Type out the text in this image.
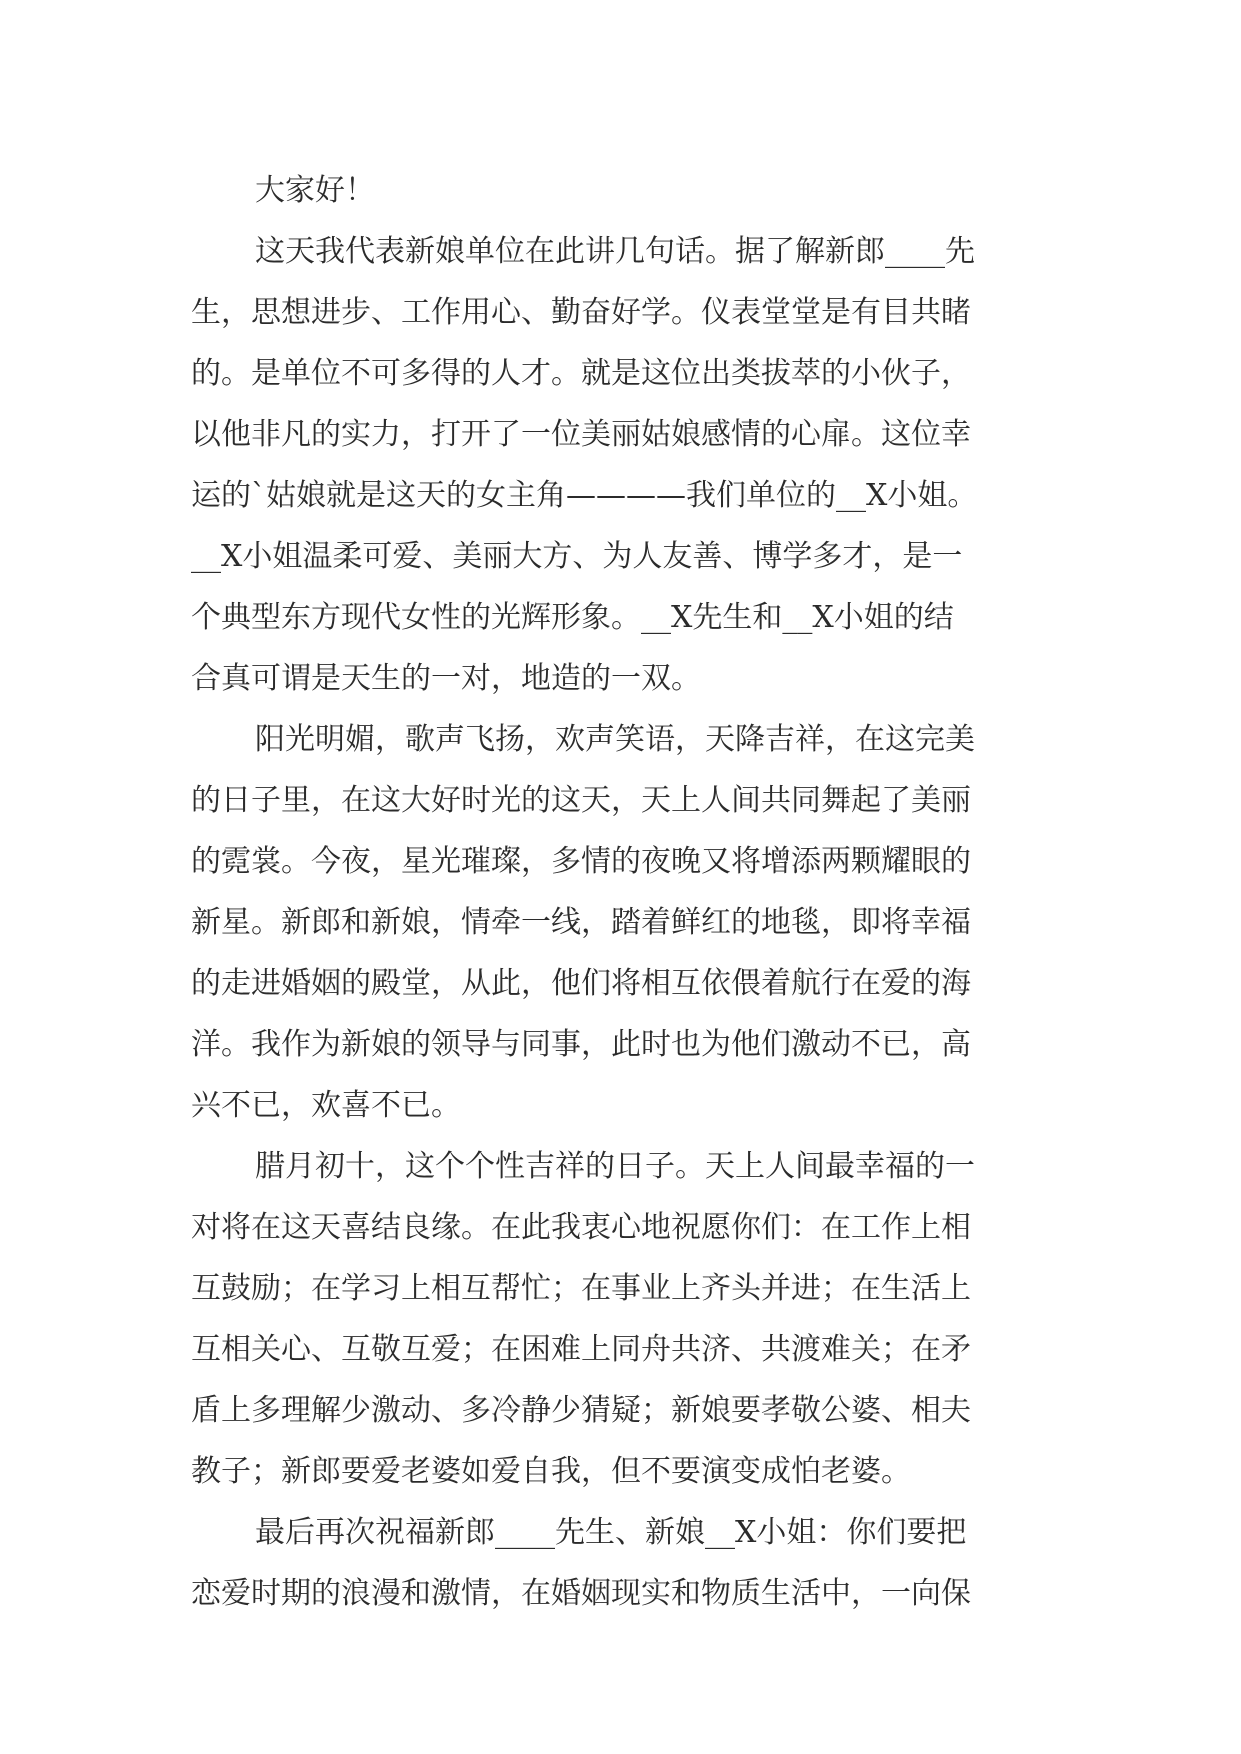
大家好！
这天我代表新娘单位在此讲几句话。据了解新郎____先
生，思想进步、工作用心、勤奋好学。仪表堂堂是有目共睹
的。是单位不可多得的人才。就是这位出类拔萃的小伙子，
以他非凡的实力，打开了一位美丽姑娘感情的心扉。这位幸
运的`姑娘就是这天的女主角————我们单位的__X小姐。
__X小姐温柔可爱、美丽大方、为人友善、博学多才，是一
个典型东方现代女性的光辉形象。__X先生和__X小姐的结
合真可谓是天生的一对，地造的一双。
阳光明媚，歌声飞扬，欢声笑语，天降吉祥，在这完美
的日子里，在这大好时光的这天，天上人间共同舞起了美丽
的霓裳。今夜，星光璀璨，多情的夜晚又将增添两颗耀眼的
新星。新郎和新娘，情牵一线，踏着鲜红的地毯，即将幸福
的走进婚姻的殿堂，从此，他们将相互依偎着航行在爱的海
洋。我作为新娘的领导与同事，此时也为他们激动不已，高
兴不已，欢喜不已。
腊月初十，这个个性吉祥的日子。天上人间最幸福的一
对将在这天喜结良缘。在此我衷心地祝愿你们：在工作上相
互鼓励；在学习上相互帮忙；在事业上齐头并进；在生活上
互相关心、互敬互爱；在困难上同舟共济、共渡难关；在矛
盾上多理解少激动、多冷静少猜疑；新娘要孝敬公婆、相夫
教子；新郎要爱老婆如爱自我，但不要演变成怕老婆。
最后再次祝福新郎____先生、新娘__X小姐：你们要把
恋爱时期的浪漫和激情，在婚姻现实和物质生活中，一向保
